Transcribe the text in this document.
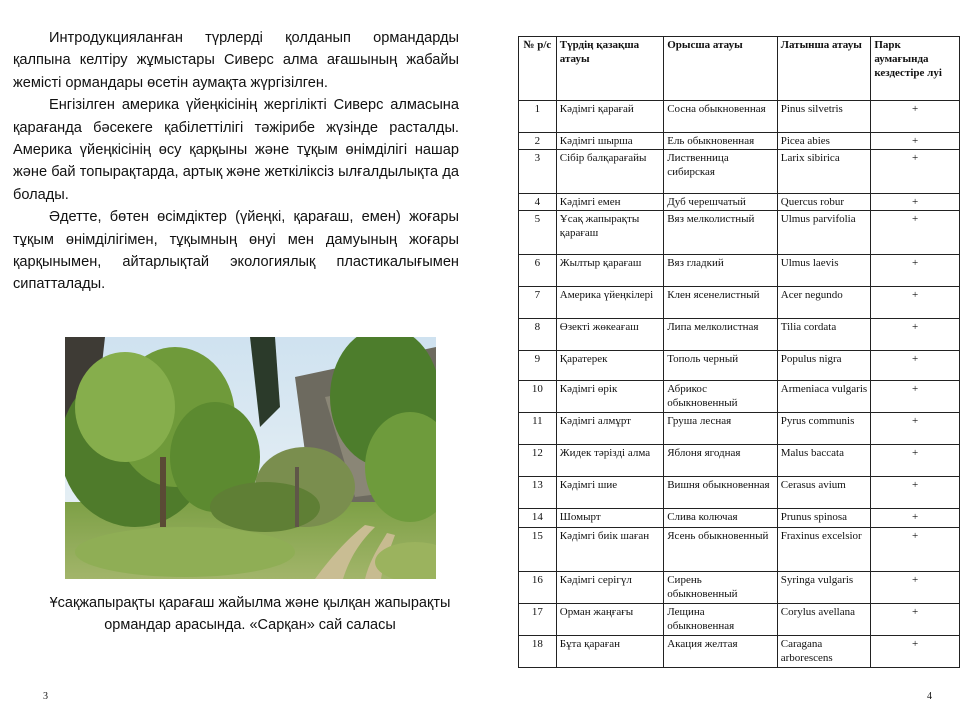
Интродукцияланған түрлерді қолданып ормандарды қалпына келтіру жұмыстары Сиверс алма ағашының жабайы жемісті ормандары өсетін аумақта жүргізілген.

Енгізілген америка үйеңкісінің жергілікті Сиверс алмасына қарағанда бәсекеге қабілеттілігі тәжірибе жүзінде расталды. Америка үйеңкісінің өсу қарқыны және тұқым өнімділігі нашар және бай топырақтарда, артық және жеткіліксіз ылғалдылықта да болады.

Әдетте, бөтен өсімдіктер (үйеңкі, қарағаш, емен) жоғары тұқым өнімділігімен, тұқымның өнуі мен дамуының жоғары қарқынымен, айтарлықтай экологиялық пластикалығымен сипатталады.

Ұсақжапырақты қарағаш жайылма және қылқан жапырақты ормандар арасында. «Сарқан» сай саласы
3
№ р/с	Түрдің қазақша атауы	Орысша атауы	Латынша атауы	Парк аумағында кездестіре луі
1	Кәдімгі қарағай	Сосна обыкновенная	Pinus silvetris	+
2	Кәдімгі шырша	Ель обыкновенная	Picea abies	+
3	Сібір балқарағайы	Лиственница сибирская	Larix sibirica	+
4	Кәдімгі емен	Дуб черешчатый	Quercus robur	+
5	Ұсақ жапырақты қарағаш	Вяз мелколистный	Ulmus parvifolia	+
6	Жылтыр қарағаш	Вяз гладкий	Ulmus laevis	+
7	Америка үйеңкілері	Клен ясенелистный	Acer negundo	+
8	Өзекті жөкеағаш	Липа мелколистная	Tilia cordata	+
9	Қаратерек	Тополь черный	Populus nigra	+
10	Кәдімгі өрік	Абрикос обыкновенный	Armeniaca vulgaris	+
11	Кәдімгі алмұрт	Груша лесная	Pyrus communis	+
12	Жидек тәрізді алма	Яблоня ягодная	Malus baccata	+
13	Кәдімгі шие	Вишня обыкновенная	Cerasus avium	+
14	Шомырт	Слива колючая	Prunus spinosa	+
15	Кәдімгі биік шаған	Ясень обыкновенный	Fraxinus excelsior	+
16	Кәдімгі серігүл	Сирень обыкновенный	Syringa vulgaris	+
17	Орман жаңғағы	Лещина обыкновенная	Corylus avellana	+
18	Бұта қараған	Акация желтая	Caragana arborescens	+
4
